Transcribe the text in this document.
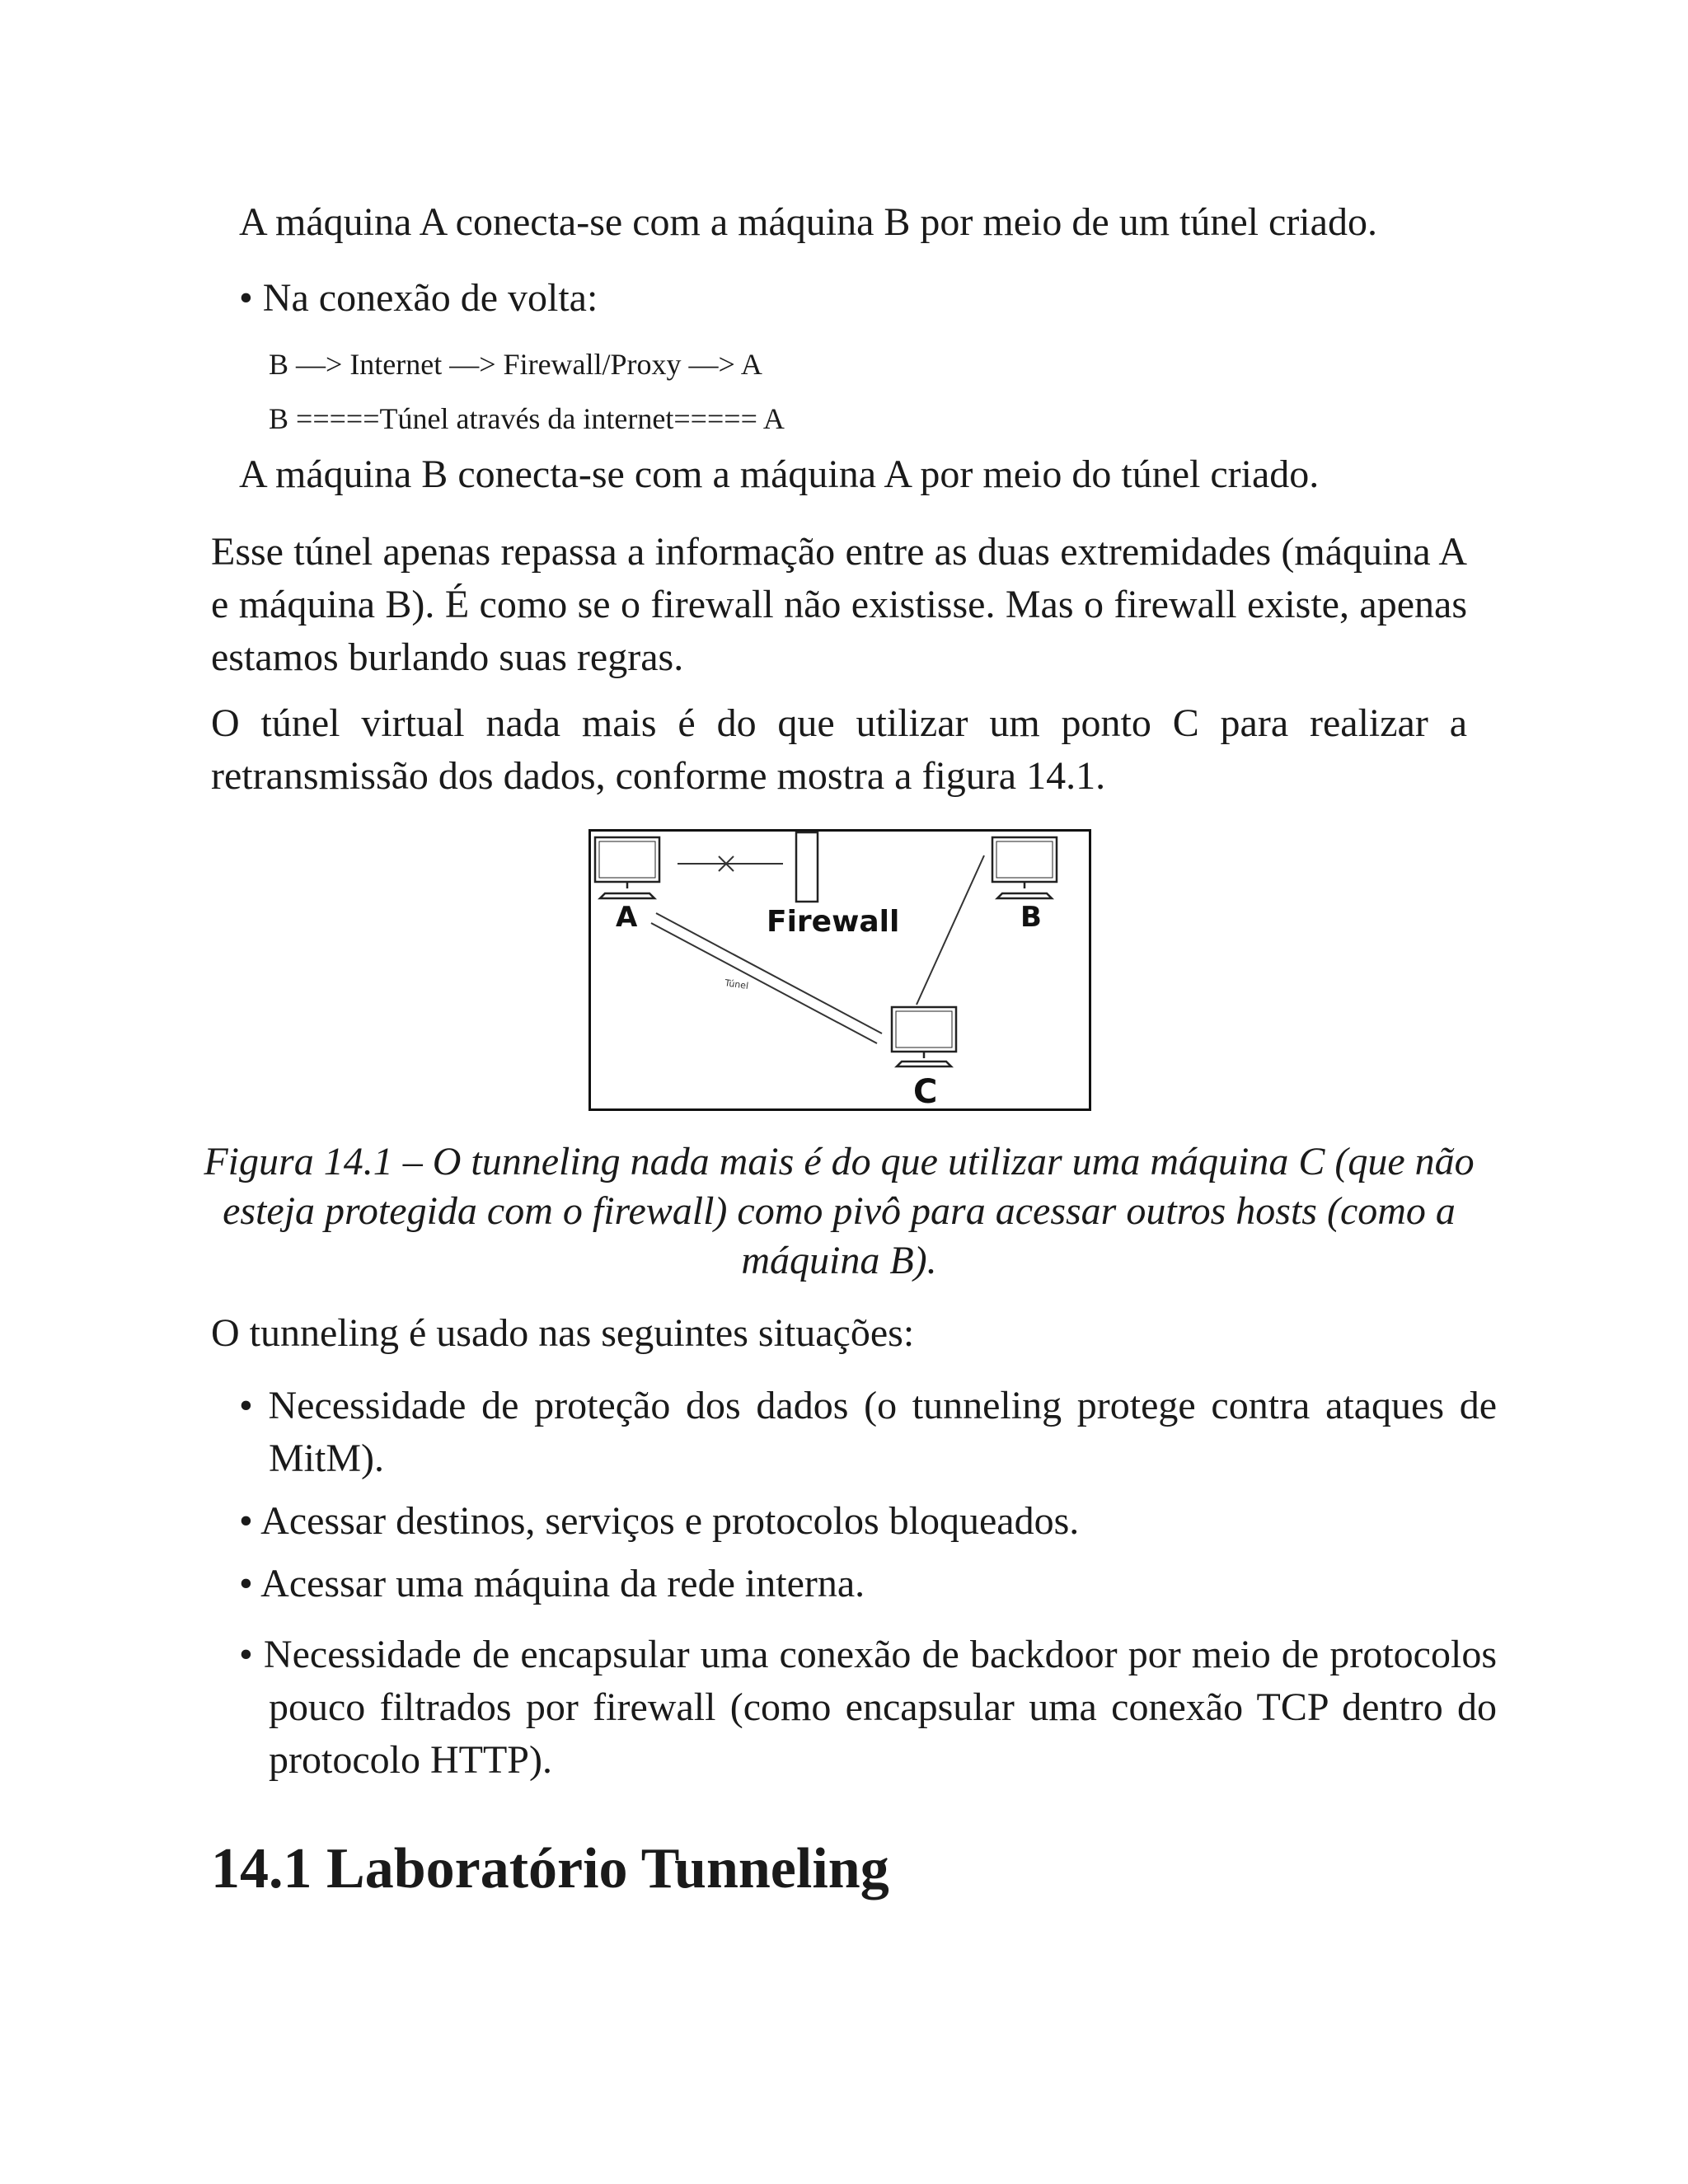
A máquina A conecta-se com a máquina B por meio de um túnel criado.
• Na conexão de volta:
B —> Internet —> Firewall/Proxy —> A
B =====Túnel através da internet===== A
A máquina B conecta-se com a máquina A por meio do túnel criado.
Esse túnel apenas repassa a informação entre as duas extremidades (máquina A e máquina B). É como se o firewall não existisse. Mas o firewall existe, apenas estamos burlando suas regras.
O túnel virtual nada mais é do que utilizar um ponto C para realizar a retransmissão dos dados, conforme mostra a figura 14.1.
A	Firewall	B
Túnel
C
Figura 14.1 – O tunneling nada mais é do que utilizar uma máquina C (que não esteja protegida com o firewall) como pivô para acessar outros hosts (como a máquina B).
O tunneling é usado nas seguintes situações:
• Necessidade de proteção dos dados (o tunneling protege contra ataques de MitM).
• Acessar destinos, serviços e protocolos bloqueados.
• Acessar uma máquina da rede interna.
• Necessidade de encapsular uma conexão de backdoor por meio de protocolos pouco filtrados por firewall (como encapsular uma conexão TCP dentro do protocolo HTTP).
14.1 Laboratório Tunneling
